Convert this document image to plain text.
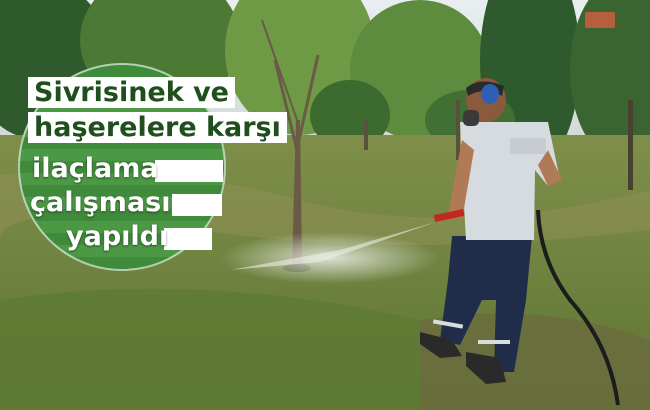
Sivrisinek ve
haşerelere karşı
ilaçlama
çalışması
yapıldı
